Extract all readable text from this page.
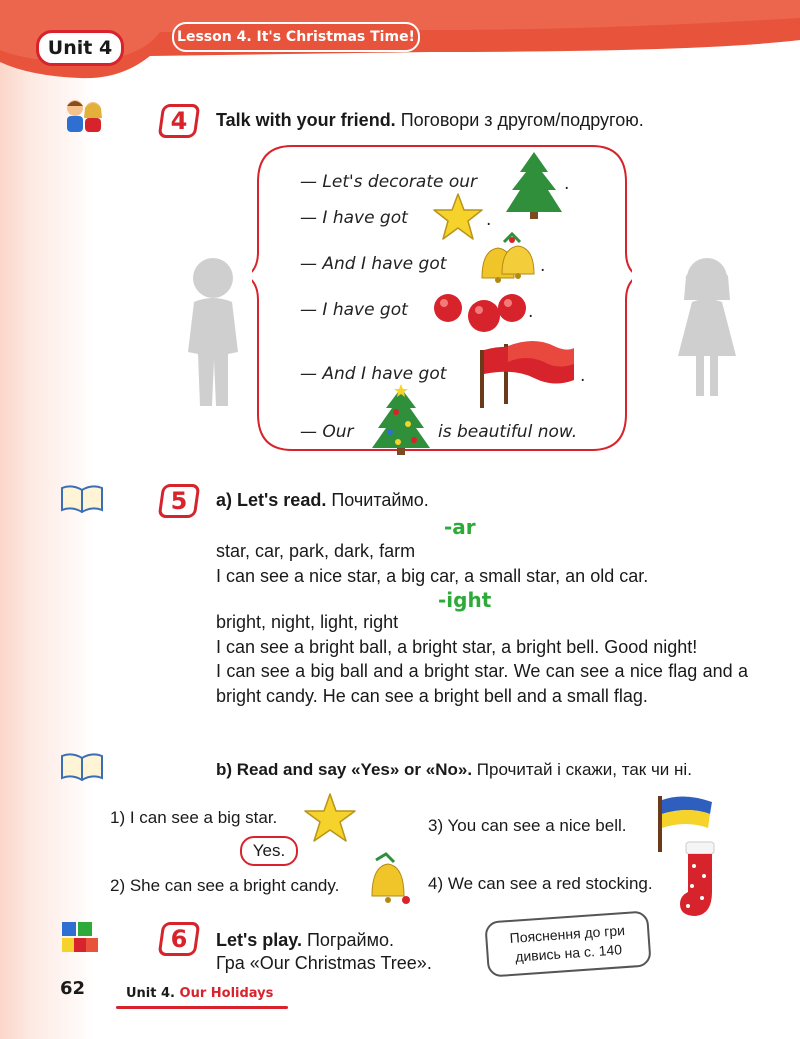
Unit 4	Lesson 4. It's Christmas Time!
4 Talk with your friend. Поговори з другом/подругою.
— Let's decorate our	.
— I have got	.
— And I have got	.
— I have got	.
— And I have got	.
— Our	is beautiful now.
5 a) Let's read. Почитаймо.
-ar
star, car, park, dark, farm
I can see a nice star, a big car, a small star, an old car.
-ight
bright, night, light, right
I can see a bright ball, a bright star, a bright bell. Good night!
I can see a big ball and a bright star. We can see a nice flag and a bright candy. He can see a bright bell and a small flag.
b) Read and say «Yes» or «No». Прочитай і скажи, так чи ні.
1) I can see a big star.
Yes.
3) You can see a nice bell.
2) She can see a bright candy.	4) We can see a red stocking.
6 Let's play. Пограймо.
Гра «Our Christmas Tree».
Пояснення до гри
дивись на с. 140
62	Unit 4. Our Holidays
